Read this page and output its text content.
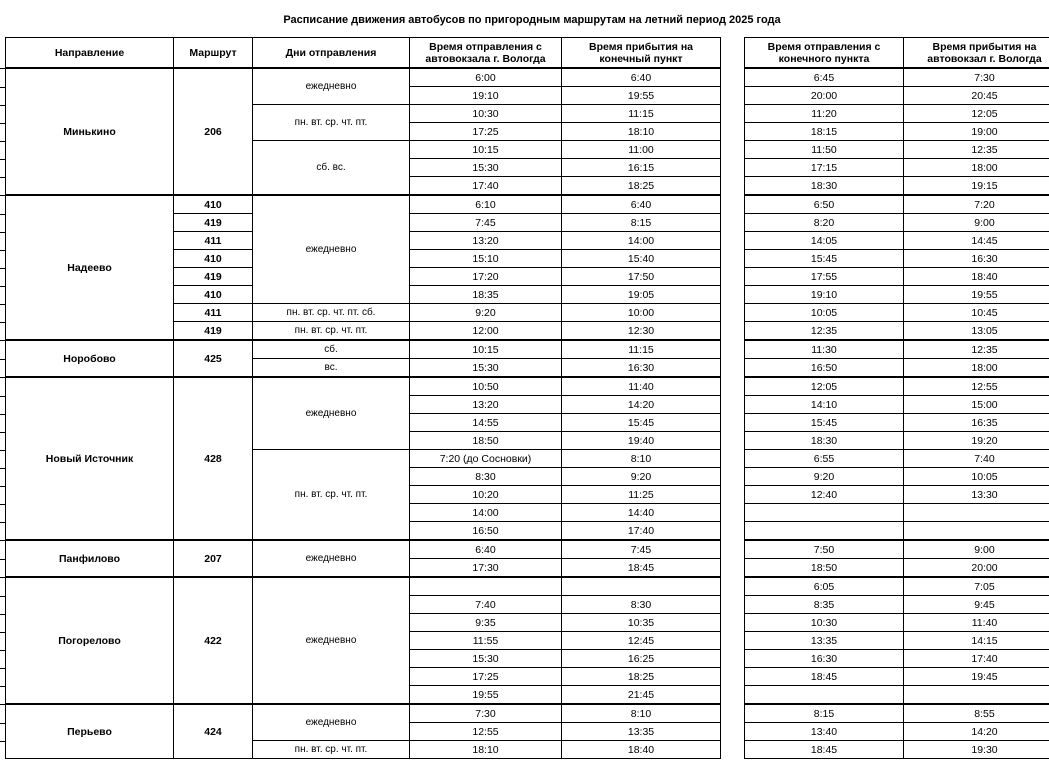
Расписание движения автобусов по пригородным маршрутам на летний период 2025 года
Направление	Маршрут	Дни отправления	Время отправления с автовокзала г. Вологда	Время прибытия на конечный пункт		Время отправления с конечного пункта	Время прибытия на автовокзал г. Вологда
Минькино	206	ежедневно	6:00	6:40		6:45	7:30
			19:10	19:55		20:00	20:45
		пн. вт. ср. чт. пт.	10:30	11:15		11:20	12:05
			17:25	18:10		18:15	19:00
		сб. вс.	10:15	11:00		11:50	12:35
			15:30	16:15		17:15	18:00
			17:40	18:25		18:30	19:15
Надеево	410	ежедневно	6:10	6:40		6:50	7:20
	419		7:45	8:15		8:20	9:00
	411		13:20	14:00		14:05	14:45
	410		15:10	15:40		15:45	16:30
	419		17:20	17:50		17:55	18:40
	410		18:35	19:05		19:10	19:55
	411	пн. вт. ср. чт. пт. сб.	9:20	10:00		10:05	10:45
	419	пн. вт. ср. чт. пт.	12:00	12:30		12:35	13:05
Норобово	425	сб.	10:15	11:15		11:30	12:35
		вс.	15:30	16:30		16:50	18:00
Новый Источник	428	ежедневно	10:50	11:40		12:05	12:55
			13:20	14:20		14:10	15:00
			14:55	15:45		15:45	16:35
			18:50	19:40		18:30	19:20
		пн. вт. ср. чт. пт.	7:20 (до Сосновки)	8:10		6:55	7:40
			8:30	9:20		9:20	10:05
			10:20	11:25		12:40	13:30
			14:00	14:40			
			16:50	17:40			
Панфилово	207	ежедневно	6:40	7:45		7:50	9:00
			17:30	18:45		18:50	20:00
Погорелово	422	ежедневно				6:05	7:05
			7:40	8:30		8:35	9:45
			9:35	10:35		10:30	11:40
			11:55	12:45		13:35	14:15
			15:30	16:25		16:30	17:40
			17:25	18:25		18:45	19:45
			19:55	21:45			
Перьево	424	ежедневно	7:30	8:10		8:15	8:55
			12:55	13:35		13:40	14:20
		пн. вт. ср. чт. пт.	18:10	18:40		18:45	19:30
